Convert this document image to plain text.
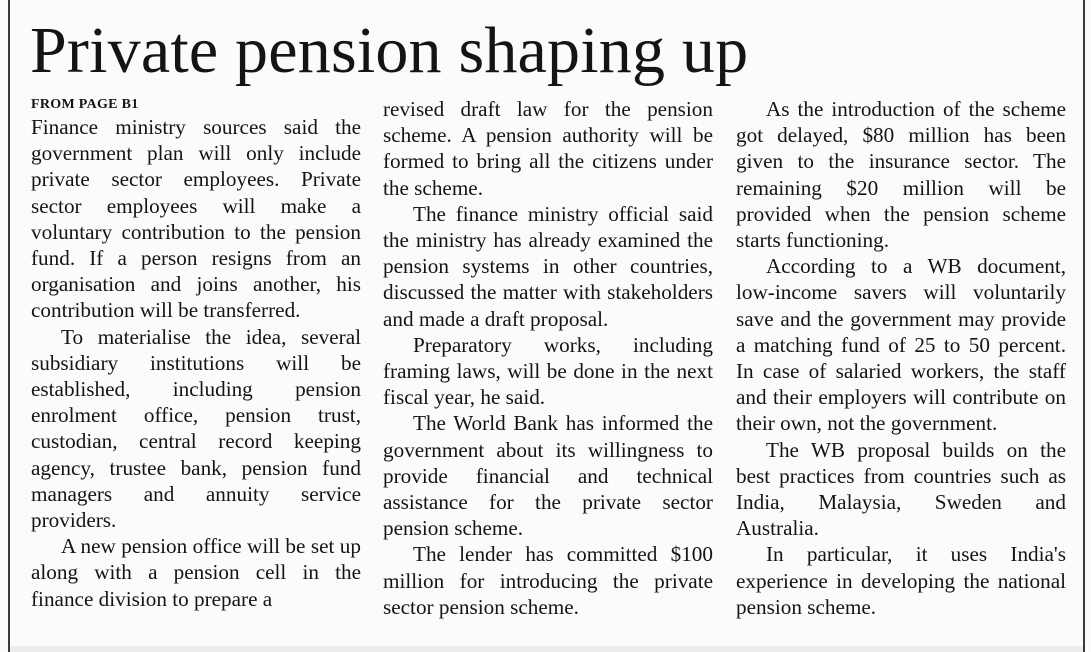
Private pension shaping up
FROM PAGE B1

Finance ministry sources said the government plan will only include private sector employees. Private sector employees will make a voluntary contribution to the pension fund. If a person resigns from an organisation and joins another, his contribution will be transferred.

To materialise the idea, several subsidiary institutions will be established, including pension enrolment office, pension trust, custodian, central record keeping agency, trustee bank, pension fund managers and annuity service providers.

A new pension office will be set up along with a pension cell in the finance division to prepare a

revised draft law for the pension scheme. A pension authority will be formed to bring all the citizens under the scheme.

The finance ministry official said the ministry has already examined the pension systems in other countries, discussed the matter with stakeholders and made a draft proposal.

Preparatory works, including framing laws, will be done in the next fiscal year, he said.

The World Bank has informed the government about its willingness to provide financial and technical assistance for the private sector pension scheme.

The lender has committed $100 million for introducing the private sector pension scheme.

As the introduction of the scheme got delayed, $80 million has been given to the insurance sector. The remaining $20 million will be provided when the pension scheme starts functioning.

According to a WB document, low-income savers will voluntarily save and the government may provide a matching fund of 25 to 50 percent. In case of salaried workers, the staff and their employers will contribute on their own, not the government.

The WB proposal builds on the best practices from countries such as India, Malaysia, Sweden and Australia.

In particular, it uses India's experience in developing the national pension scheme.
